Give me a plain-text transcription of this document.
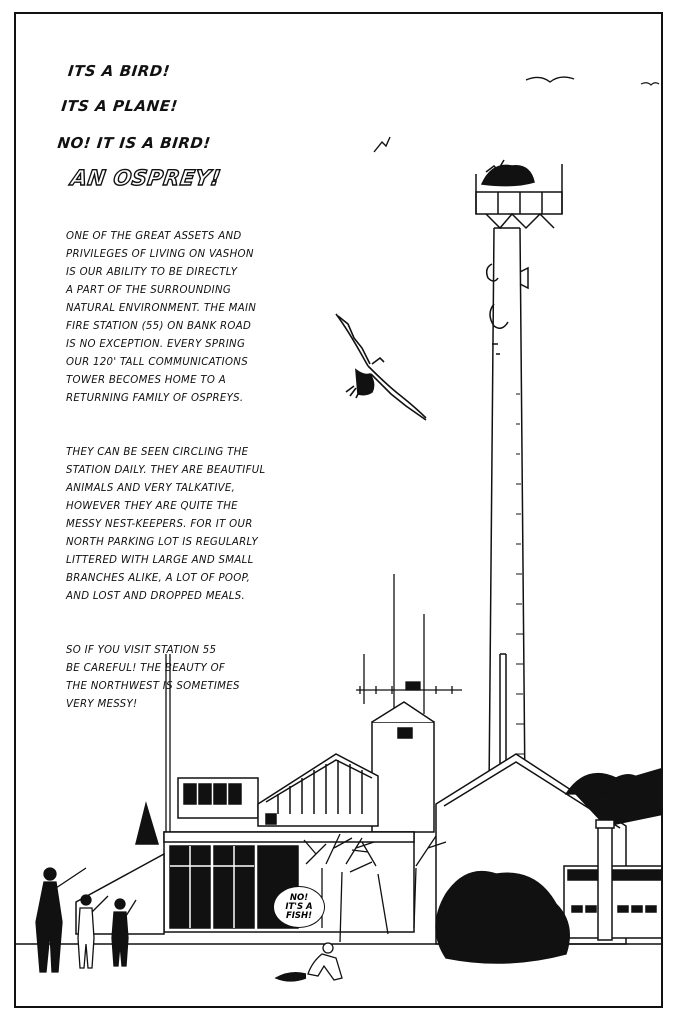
ITS A BIRD!
ITS A PLANE!
NO! IT IS A BIRD!
AN OSPREY!

ONE OF THE GREAT ASSETS AND
PRIVILEGES OF LIVING ON VASHON
IS OUR ABILITY TO BE DIRECTLY
A PART OF THE SURROUNDING
NATURAL ENVIRONMENT. THE MAIN
FIRE STATION (55) ON BANK ROAD
IS NO EXCEPTION. EVERY SPRING
OUR 120' TALL COMMUNICATIONS
TOWER BECOMES HOME TO A
RETURNING FAMILY OF OSPREYS.

THEY CAN BE SEEN CIRCLING THE
STATION DAILY. THEY ARE BEAUTIFUL
ANIMALS AND VERY TALKATIVE,
HOWEVER THEY ARE QUITE THE
MESSY NEST-KEEPERS. FOR IT OUR
NORTH PARKING LOT IS REGULARLY
LITTERED WITH LARGE AND SMALL
BRANCHES ALIKE, A LOT OF POOP,
AND LOST AND DROPPED MEALS.

SO IF YOU VISIT STATION 55
BE CAREFUL! THE BEAUTY OF
THE NORTHWEST IS SOMETIMES
VERY MESSY!

NO!
IT'S A
FISH!
